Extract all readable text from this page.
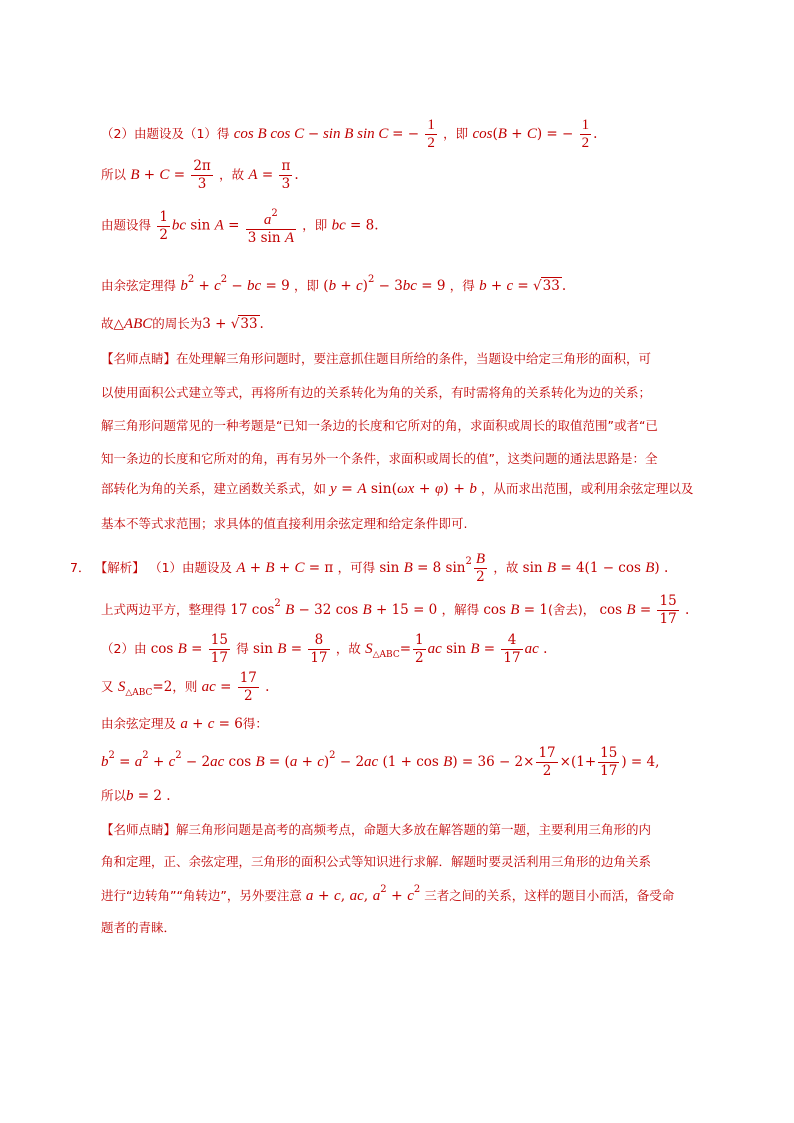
（2）由题设及（1）得 cos B cos C − sin B sin C = − $\frac{1}{2}$ ，即 cos(B + C) = − $\frac{1}{2}$ .
所以 $B + C = \frac{2\pi}{3}$ ，故 $A = \frac{\pi}{3}$ .
由题设得 $\frac{1}{2}$ bc $\sin A = \frac{a^2}{\text{3 sin A}}$ ，即 bc = 8.
由余弦定理得 $b^2 + c^2$ − bc = 9 ，即 $(b + c)^2 - 3bc = 9$ ，得 b + c = √33 .
故△ABC的周长为3 + √33 .
【名师点睛】在处理解三角形问题时，要注意抓住题目所给的条件，当题设中给定三角形的面积，可
以使用面积公式建立等式，再将所有边的关系转化为角的关系，有时需将角的关系转化为边的关系；
解三角形问题常见的一种考题是“已知一条边的长度和它所对的角，求面积或周长的取值范围”或者“已
知一条边的长度和它所对的角，再有另外一个条件，求面积或周长的值”，这类问题的通法思路是：全
部转化为角的关系，建立函数关系式，如 y = A sin(ωx + φ) + b ，从而求出范围，或利用余弦定理以及
基本不等式求范围；求具体的值直接利用余弦定理和给定条件即可.
7． 【解析】 （1）由题设及 A + B + C = π ，可得 sin B = 8 $\sin^2 \frac{B}{2}$ ，故 sin B = 4(1 − cos B) .
上式两边平方，整理得 17 $\cos^2 B - 32$ cos B + 15 = 0 ，解得 cos B = 1(舍去)， $\cos B = \frac{15}{17}$ .
（2）由 $\cos B = \frac{15}{17}$ 得 $\sin B = \frac{8}{17}$ ，故 $S_{\triangle ABC}= \frac{1}{2}$ ac $\sin B = \frac{4}{17}$ ac .
又 $S_{\triangle ABC}=2$，则 ac = $\frac{17}{2}$ .
由余弦定理及 a + c = 6得：
$b^2 = a^2 + c^2 - 2ac$ $\cos B = (a + c)^2 - 2ac$ $(1 + \cos B) = 36 - 2\times \frac{17}{2} \times(1+ \frac{15}{17}$ ) = 4,
所以b = 2 .
【名师点睛】解三角形问题是高考的高频考点，命题大多放在解答题的第一题，主要利用三角形的内
角和定理，正、余弦定理，三角形的面积公式等知识进行求解．解题时要灵活利用三角形的边角关系
进行“边转角”“角转边”，另外要注意 a + c, ac, $a^2 + c^2$ 三者之间的关系，这样的题目小而活，备受命
题者的青睐．
